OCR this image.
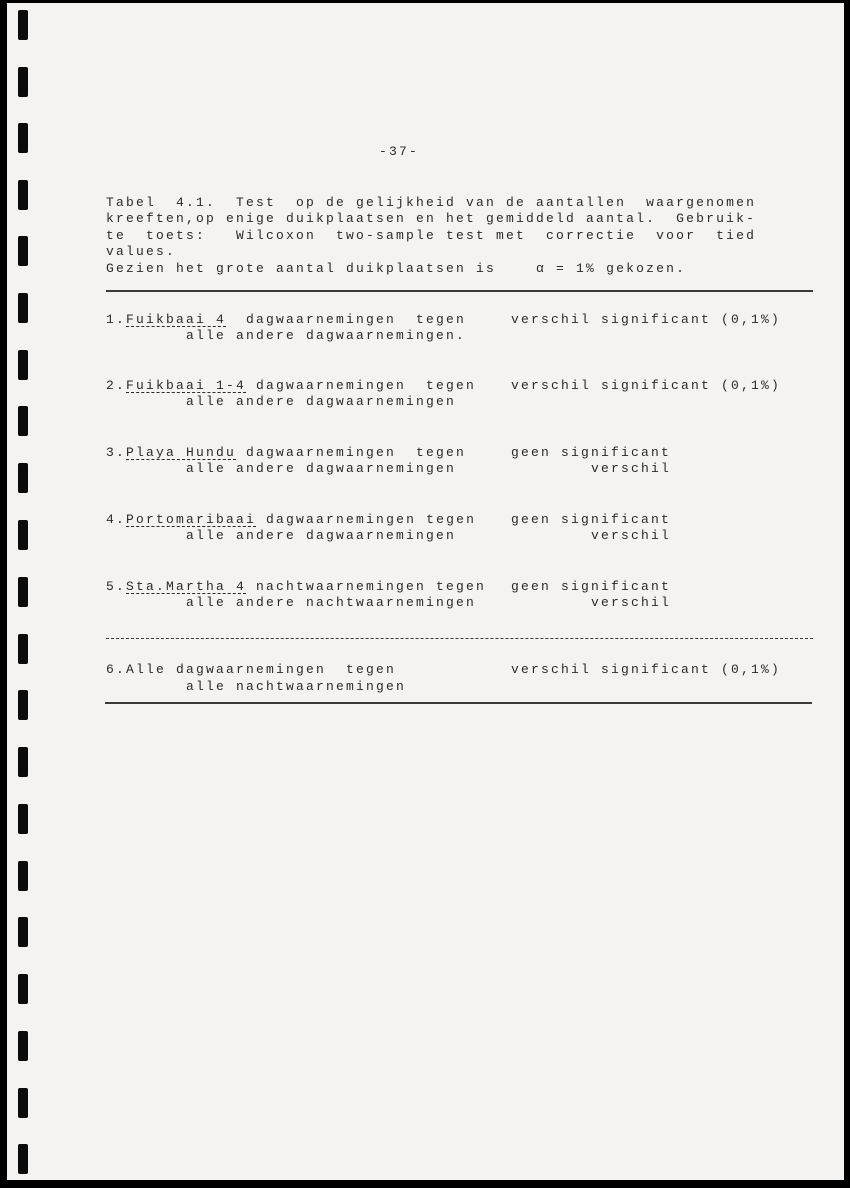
-37-
Tabel  4.1.  Test  op de gelijkheid van de aantallen  waargenomen
kreeften,op enige duikplaatsen en het gemiddeld aantal.  Gebruik-
te  toets:   Wilcoxon  two-sample test met  correctie  voor  tied
values.
Gezien het grote aantal duikplaatsen is    α = 1% gekozen.
1.Fuikbaai 4  dagwaarnemingen  tegen
alle andere dagwaarnemingen.
verschil significant (0,1%)
2.Fuikbaai 1-4 dagwaarnemingen  tegen
alle andere dagwaarnemingen
verschil significant (0,1%)
3.Playa Hundu dagwaarnemingen  tegen
alle andere dagwaarnemingen
geen significant
verschil
4.Portomaribaai dagwaarnemingen tegen
alle andere dagwaarnemingen
geen significant
verschil
5.Sta.Martha 4 nachtwaarnemingen tegen
alle andere nachtwaarnemingen
geen significant
verschil
6.Alle dagwaarnemingen  tegen
alle nachtwaarnemingen
verschil significant (0,1%)
